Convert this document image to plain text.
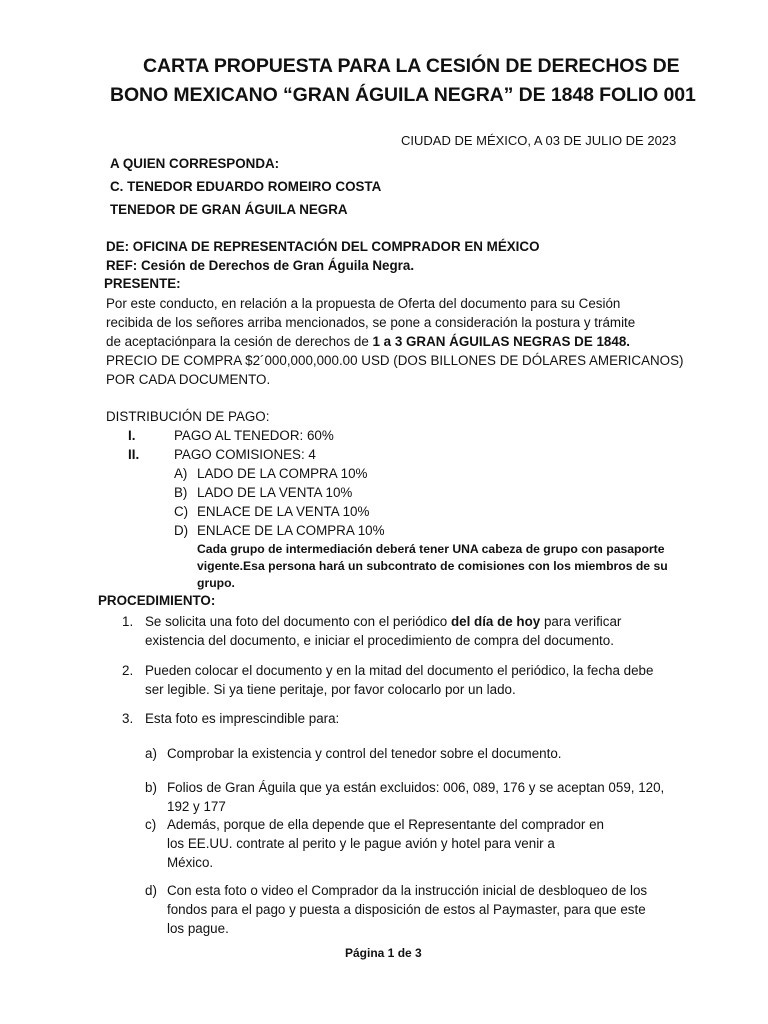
CARTA PROPUESTA PARA LA CESIÓN DE DERECHOS DE
BONO MEXICANO “GRAN ÁGUILA NEGRA” DE 1848 FOLIO 001
CIUDAD DE MÉXICO, A 03 DE JULIO DE 2023
A QUIEN CORRESPONDA:
C. TENEDOR EDUARDO ROMEIRO COSTA
TENEDOR DE GRAN ÁGUILA NEGRA
DE: OFICINA DE REPRESENTACIÓN DEL COMPRADOR EN MÉXICO
REF: Cesión de Derechos de Gran Águila Negra.
PRESENTE:
Por este conducto, en relación a la propuesta de Oferta del documento para su Cesión
recibida de los señores arriba mencionados, se pone a consideración la postura y trámite
de aceptaciónpara la cesión de derechos de 1 a 3 GRAN ÁGUILAS NEGRAS DE 1848.
PRECIO DE COMPRA $2´000,000,000.00 USD (DOS BILLONES DE DÓLARES AMERICANOS)
POR CADA DOCUMENTO.
DISTRIBUCIÓN DE PAGO:
I.	PAGO AL TENEDOR: 60%
II.	PAGO COMISIONES: 4
A) LADO DE LA COMPRA 10%
B) LADO DE LA VENTA 10%
C) ENLACE DE LA VENTA 10%
D) ENLACE DE LA COMPRA 10%
Cada grupo de intermediación deberá tener UNA cabeza de grupo con pasaporte
vigente.Esa persona hará un subcontrato de comisiones con los miembros de su
grupo.
PROCEDIMIENTO:
1. Se solicita una foto del documento con el periódico del día de hoy para verificar
existencia del documento, e iniciar el procedimiento de compra del documento.
2. Pueden colocar el documento y en la mitad del documento el periódico, la fecha debe
ser legible. Si ya tiene peritaje, por favor colocarlo por un lado.
3. Esta foto es imprescindible para:
a) Comprobar la existencia y control del tenedor sobre el documento.
b) Folios de Gran Águila que ya están excluidos: 006, 089, 176 y se aceptan 059, 120,
192 y 177
c) Además, porque de ella depende que el Representante del comprador en
los EE.UU. contrate al perito y le pague avión y hotel para venir a
México.
d) Con esta foto o video el Comprador da la instrucción inicial de desbloqueo de los
fondos para el pago y puesta a disposición de estos al Paymaster, para que este
los pague.
Página 1 de 3
